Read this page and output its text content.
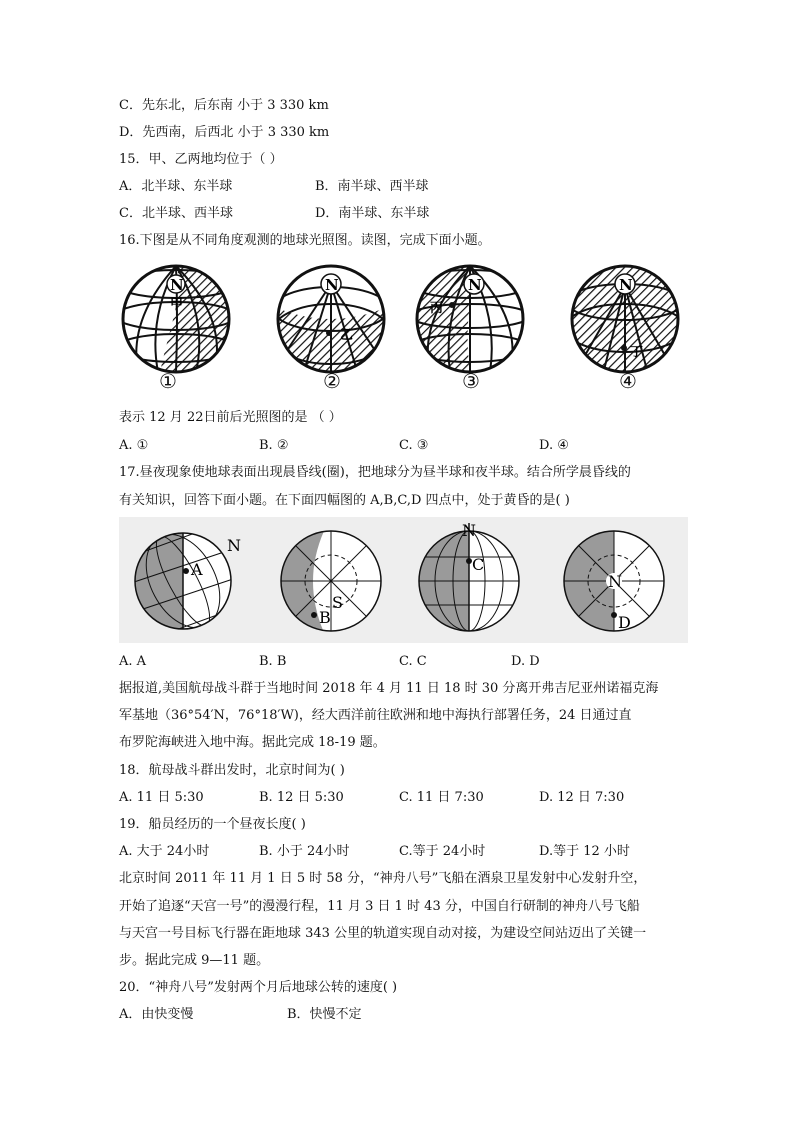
C．先东北，后东南 小于 3 330 km
D．先西南，后西北 小于 3 330 km
15．甲、乙两地均位于（ ）
A．北半球、东半球	B．南半球、西半球
C．北半球、西半球	D．南半球、东半球
16.下图是从不同角度观测的地球光照图。读图，完成下面小题。
N
甲
N
乙
N
丙
N
丁
①	②	③	④
表示 12 月 22日前后光照图的是 （ ）
A. ①	B. ②	C. ③	D. ④
17.昼夜现象使地球表面出现晨昏线(圈)，把地球分为昼半球和夜半球。结合所学晨昏线的
有关知识，回答下面小题。在下面四幅图的 A,B,C,D 四点中，处于黄昏的是( )
A
N
B
S
C
N
N
D
A. A	B. B	C. C	D. D
据报道,美国航母战斗群于当地时间 2018 年 4 月 11 日 18 时 30 分离开弗吉尼亚州诺福克海
军基地（36°54′N，76°18′W)，经大西洋前往欧洲和地中海执行部署任务，24 日通过直
布罗陀海峡进入地中海。据此完成 18-19 题。
18．航母战斗群出发时，北京时间为( )
A. 11 日 5:30	B. 12 日 5:30	C. 11 日 7:30	D. 12 日 7:30
19．船员经历的一个昼夜长度( )
A. 大于 24小时	B. 小于 24小时	C.等于 24小时	D.等于 12 小时
北京时间 2011 年 11 月 1 日 5 时 58 分，“神舟八号”飞船在酒泉卫星发射中心发射升空，
开始了追逐“天宫一号”的漫漫行程，11 月 3 日 1 时 43 分，中国自行研制的神舟八号飞船
与天宫一号目标飞行器在距地球 343 公里的轨道实现自动对接，为建设空间站迈出了关键一
步。据此完成 9—11 题。
20．“神舟八号”发射两个月后地球公转的速度( )
A．由快变慢	B．快慢不定
